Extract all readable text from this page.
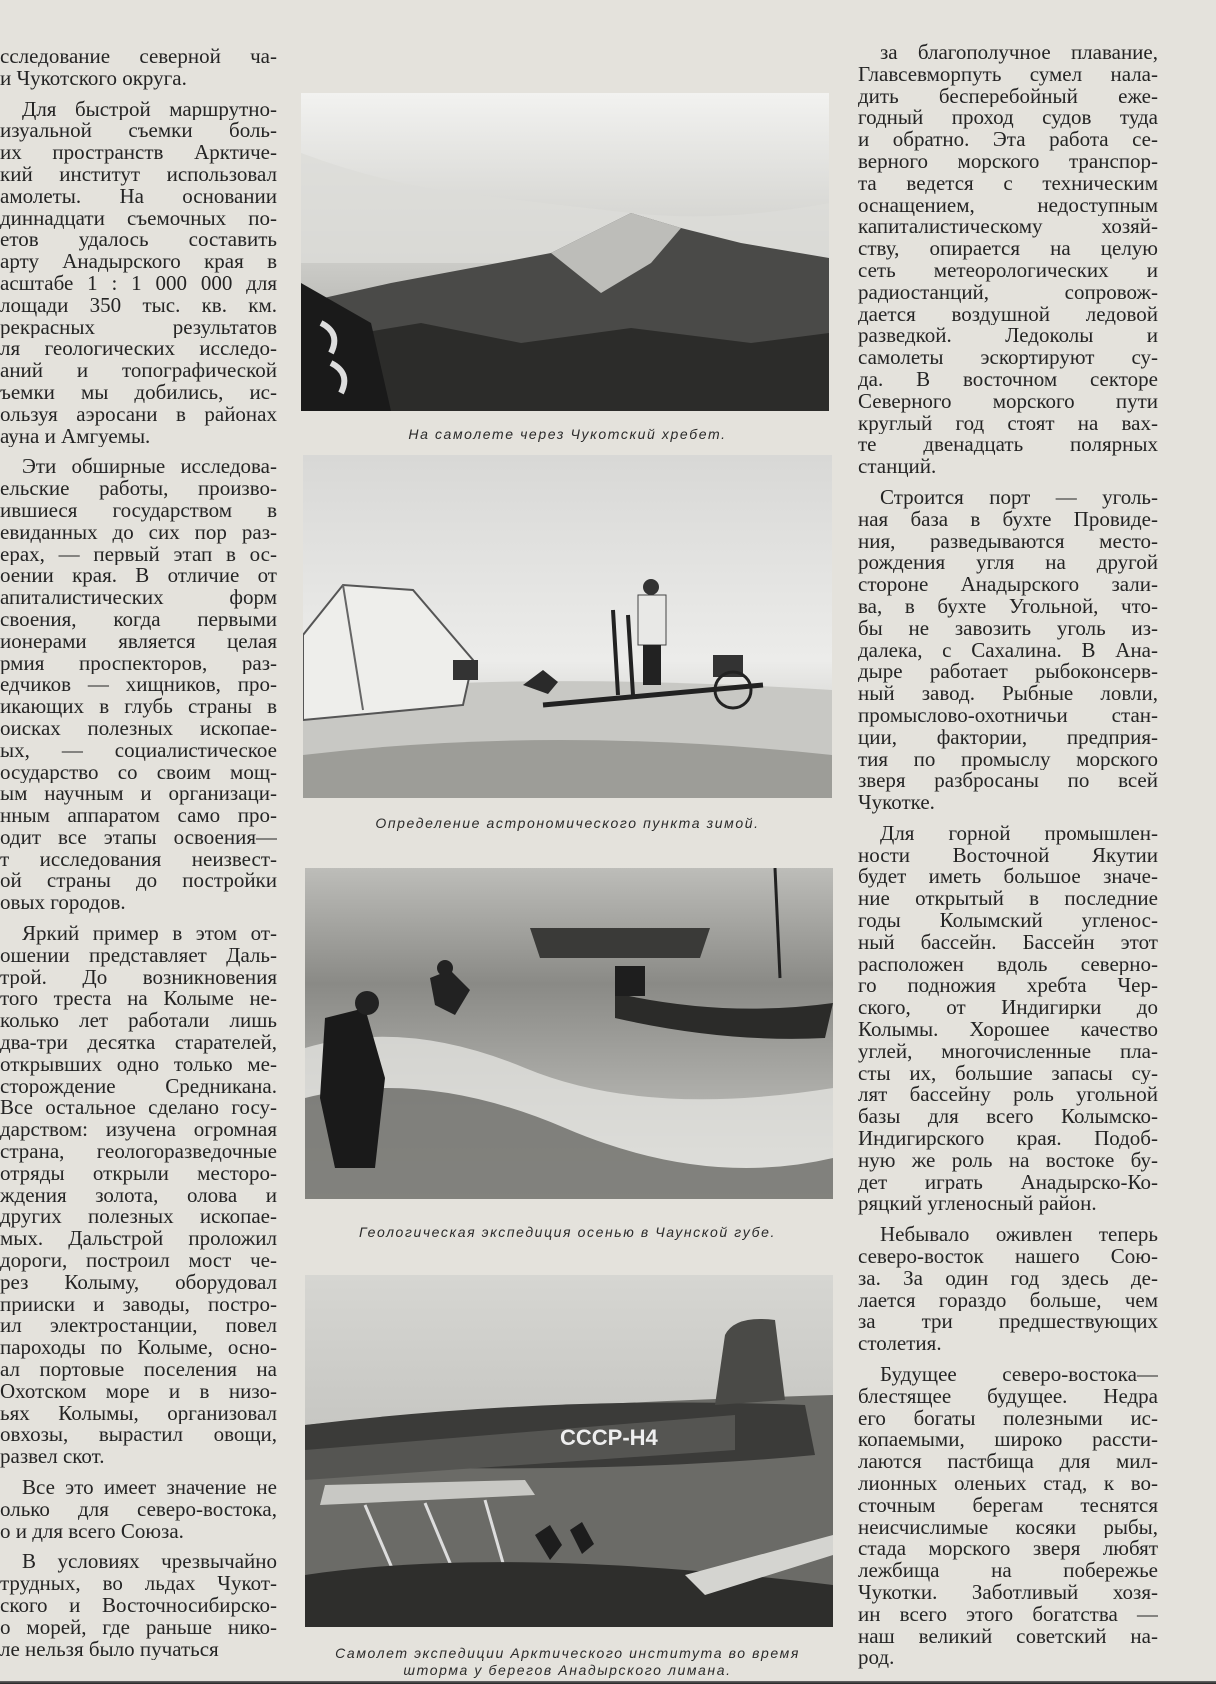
сследование северной ча-
и Чукотского округа.
Для быстрой маршрутно-
изуальной съемки боль-
их пространств Арктиче-
кий институт использовал
амолеты. На основании
диннадцати съемочных по-
етов удалось составить
арту Анадырского края в
асштабе 1 : 1 000 000 для
лощади 350 тыс. кв. км.
рекрасных результатов
ля геологических исследо-
аний и топографической
ъемки мы добились, ис-
ользуя аэросани в районах
ауна и Амгуемы.
Эти обширные исследова-
ельские работы, произво-
ившиеся государством в
евиданных до сих пор раз-
ерах, — первый этап в ос-
оении края. В отличие от
апиталистических форм
своения, когда первыми
ионерами является целая
рмия проспекторов, раз-
едчиков — хищников, про-
икающих в глубь страны в
оисках полезных ископае-
ых, — социалистическое
осударство со своим мощ-
ым научным и организаци-
нным аппаратом само про-
одит все этапы освоения—
т исследования неизвест-
ой страны до постройки
овых городов.
Яркий пример в этом от-
ошении представляет Даль-
трой. До возникновения
того треста на Колыме не-
колько лет работали лишь
два-три десятка старателей,
открывших одно только ме-
сторождение Средникана.
Все остальное сделано госу-
дарством: изучена огромная
страна, геологоразведочные
отряды открыли месторо-
ждения золота, олова и
других полезных ископае-
мых. Дальстрой проложил
дороги, построил мост че-
рез Колыму, оборудовал
прииски и заводы, постро-
ил электростанции, повел
пароходы по Колыме, осно-
ал портовые поселения на
Охотском море и в низо-
ьях Колымы, организовал
овхозы, вырастил овощи,
развел скот.
Все это имеет значение не
олько для северо-востока,
о и для всего Союза.
В условиях чрезвычайно
трудных, во льдах Чукот-
ского и Восточносибирско-
о морей, где раньше нико-
ле нельзя было пучаться
за благополучное плавание,
Главсевморпуть сумел нала-
дить бесперебойный еже-
годный проход судов туда
и обратно. Эта работа се-
верного морского транспор-
та ведется с техническим
оснащением, недоступным
капиталистическому хозяй-
ству, опирается на целую
сеть метеорологических и
радиостанций, сопровож-
дается воздушной ледовой
разведкой. Ледоколы и
самолеты эскортируют су-
да. В восточном секторе
Северного морского пути
круглый год стоят на вах-
те двенадцать полярных
станций.
Строится порт — уголь-
ная база в бухте Провиде-
ния, разведываются место-
рождения угля на другой
стороне Анадырского зали-
ва, в бухте Угольной, что-
бы не завозить уголь из-
далека, с Сахалина. В Ана-
дыре работает рыбоконсерв-
ный завод. Рыбные ловли,
промыслово-охотничьи стан-
ции, фактории, предприя-
тия по промыслу морского
зверя разбросаны по всей
Чукотке.
Для горной промышлен-
ности Восточной Якутии
будет иметь большое значе-
ние открытый в последние
годы Колымский угленос-
ный бассейн. Бассейн этот
расположен вдоль северно-
го подножия хребта Чер-
ского, от Индигирки до
Колымы. Хорошее качество
углей, многочисленные пла-
сты их, большие запасы су-
лят бассейну роль угольной
базы для всего Колымско-
Индигирского края. Подоб-
ную же роль на востоке бу-
дет играть Анадырско-Ко-
ряцкий угленосный район.
Небывало оживлен теперь
северо-восток нашего Сою-
за. За один год здесь де-
лается гораздо больше, чем
за три предшествующих
столетия.
Будущее северо-востока—
блестящее будущее. Недра
его богаты полезными ис-
копаемыми, широко рассти-
лаются пастбища для мил-
лионных оленьих стад, к во-
сточным берегам теснятся
неисчислимые косяки рыбы,
стада морского зверя любят
лежбища на побережье
Чукотки. Заботливый хозя-
ин всего этого богатства —
наш великий советский на-
род.
На самолете через Чукотский хребет.
Определение астрономического пункта зимой.
Геологическая экспедиция осенью в Чаунской губе.
СССР-Н4
Самолет экспедиции Арктического института во время
шторма у берегов Анадырского лимана.
